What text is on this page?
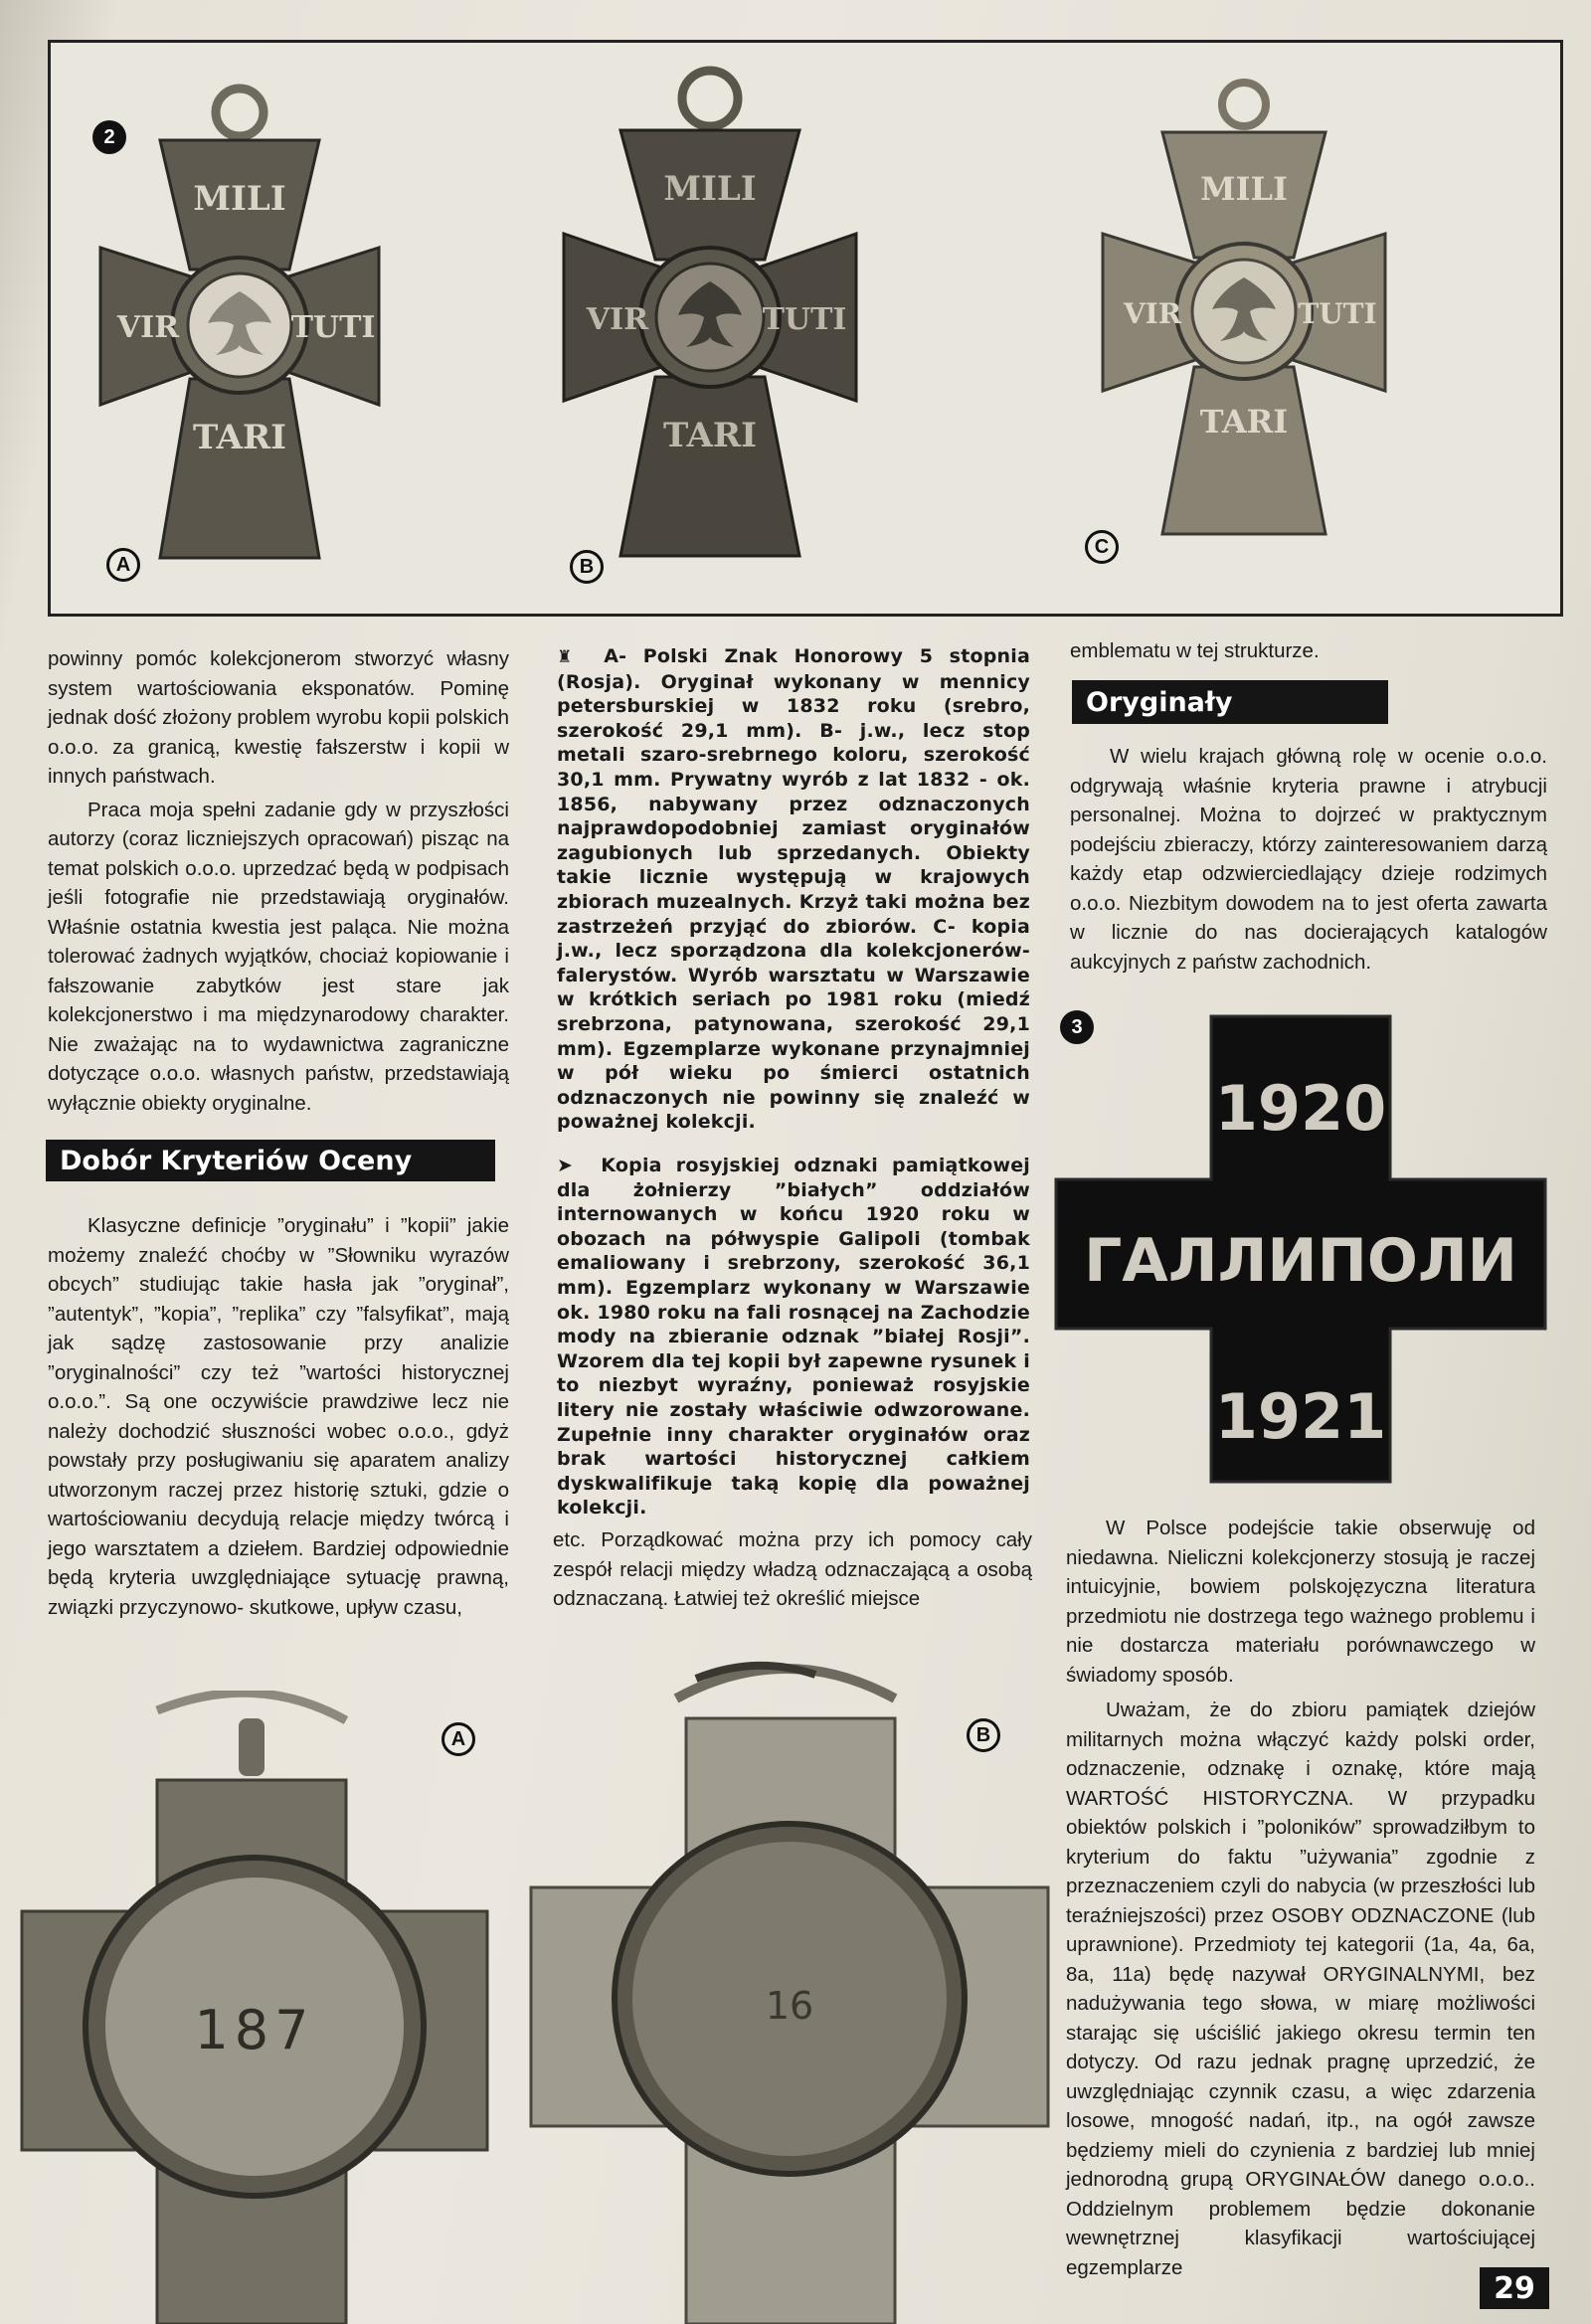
2
MILI
VIR	TUTI
TARI
A
MILI
VIR	TUTI
TARI
B
MILI
VIR	TUTI
TARI
C

powinny pomóc kolekcjonerom stworzyć własny system wartościowania eksponatów. Pominę jednak dość złożony problem wyrobu kopii polskich o.o.o. za granicą, kwestię fałszerstw i kopii w innych państwach.

Praca moja spełni zadanie gdy w przyszłości autorzy (coraz liczniejszych opracowań) pisząc na temat polskich o.o.o. uprzedzać będą w podpisach jeśli fotografie nie przedstawiają oryginałów. Właśnie ostatnia kwestia jest paląca. Nie można tolerować żadnych wyjątków, chociaż kopiowanie i fałszowanie zabytków jest stare jak kolekcjonerstwo i ma międzynarodowy charakter. Nie zważając na to wydawnictwa zagraniczne dotyczące o.o.o. własnych państw, przedstawiają wyłącznie obiekty oryginalne.

Dobór Kryteriów Oceny

Klasyczne definicje ”oryginału” i ”kopii” jakie możemy znaleźć choćby w ”Słowniku wyrazów obcych” studiując takie hasła jak ”oryginał”, ”autentyk”, ”kopia”, ”replika” czy ”falsyfikat”, mają jak sądzę zastosowanie przy analizie ”oryginalności” czy też ”wartości historycznej o.o.o.”. Są one oczywiście prawdziwe lecz nie należy dochodzić słuszności wobec o.o.o., gdyż powstały przy posługiwaniu się aparatem analizy utworzonym raczej przez historię sztuki, gdzie o wartościowaniu decydują relacje między twórcą i jego warsztatem a dziełem. Bardziej odpowiednie będą kryteria uwzględniające sytuację prawną, związki przyczynowo- skutkowe, upływ czasu,

♜  A- Polski Znak Honorowy 5 stopnia (Rosja). Oryginał wykonany w mennicy petersburskiej w 1832 roku (srebro, szerokość 29,1 mm). B- j.w., lecz stop metali szaro-srebrnego koloru, szerokość 30,1 mm. Prywatny wyrób z lat 1832 - ok. 1856, nabywany przez odznaczonych najprawdopodobniej zamiast oryginałów zagubionych lub sprzedanych. Obiekty takie licznie występują w krajowych zbiorach muzealnych. Krzyż taki można bez zastrzeżeń przyjąć do zbiorów. C- kopia j.w., lecz sporządzona dla kolekcjonerów- falerystów. Wyrób warsztatu w Warszawie w krótkich seriach po 1981 roku (miedź srebrzona, patynowana, szerokość 29,1 mm). Egzemplarze wykonane przynajmniej w pół wieku po śmierci ostatnich odznaczonych nie powinny się znaleźć w poważnej kolekcji.

➤  Kopia rosyjskiej odznaki pamiątkowej dla żołnierzy ”białych” oddziałów internowanych w końcu 1920 roku w obozach na półwyspie Galipoli (tombak emaliowany i srebrzony, szerokość 36,1 mm). Egzemplarz wykonany w Warszawie ok. 1980 roku na fali rosnącej na Zachodzie mody na zbieranie odznak ”białej Rosji”. Wzorem dla tej kopii był zapewne rysunek i to niezbyt wyraźny, ponieważ rosyjskie litery nie zostały właściwie odwzorowane. Zupełnie inny charakter oryginałów oraz brak wartości historycznej całkiem dyskwalifikuje taką kopię dla poważnej kolekcji.

etc. Porządkować można przy ich pomocy cały zespół relacji między władzą odznaczającą a osobą odznaczaną. Łatwiej też określić miejsce

emblematu w tej strukturze.

Oryginały

W wielu krajach główną rolę w ocenie o.o.o. odgrywają właśnie kryteria prawne i atrybucji personalnej. Można to dojrzeć w praktycznym podejściu zbieraczy, którzy zainteresowaniem darzą każdy etap odzwierciedlający dzieje rodzimych o.o.o. Niezbitym dowodem na to jest oferta zawarta w licznie do nas docierających katalogów aukcyjnych z państw zachodnich.

3
1920
ГАЛЛИПОЛИ
1921

W Polsce podejście takie obserwuję od niedawna. Nieliczni kolekcjonerzy stosują je raczej intuicyjnie, bowiem polskojęzyczna literatura przedmiotu nie dostrzega tego ważnego problemu i nie dostarcza materiału porównawczego w świadomy sposób.

Uważam, że do zbioru pamiątek dziejów militarnych można włączyć każdy polski order, odznaczenie, odznakę i oznakę, które mają WARTOŚĆ HISTORYCZNA. W przypadku obiektów polskich i ”poloników” sprowadziłbym to kryterium do faktu ”używania” zgodnie z przeznaczeniem czyli do nabycia (w przeszłości lub teraźniejszości) przez OSOBY ODZNACZONE (lub uprawnione). Przedmioty tej kategorii (1a, 4a, 6a, 8a, 11a) będę nazywał ORYGINALNYMI, bez nadużywania tego słowa, w miarę możliwości starając się uściślić jakiego okresu termin ten dotyczy. Od razu jednak pragnę uprzedzić, że uwzględniając czynnik czasu, a więc zdarzenia losowe, mnogość nadań, itp., na ogół zawsze będziemy mieli do czynienia z bardziej lub mniej jednorodną grupą ORYGINAŁÓW danego o.o.o.. Oddzielnym problemem będzie dokonanie wewnętrznej klasyfikacji wartościującej egzemplarze

187
A
16
B
29
